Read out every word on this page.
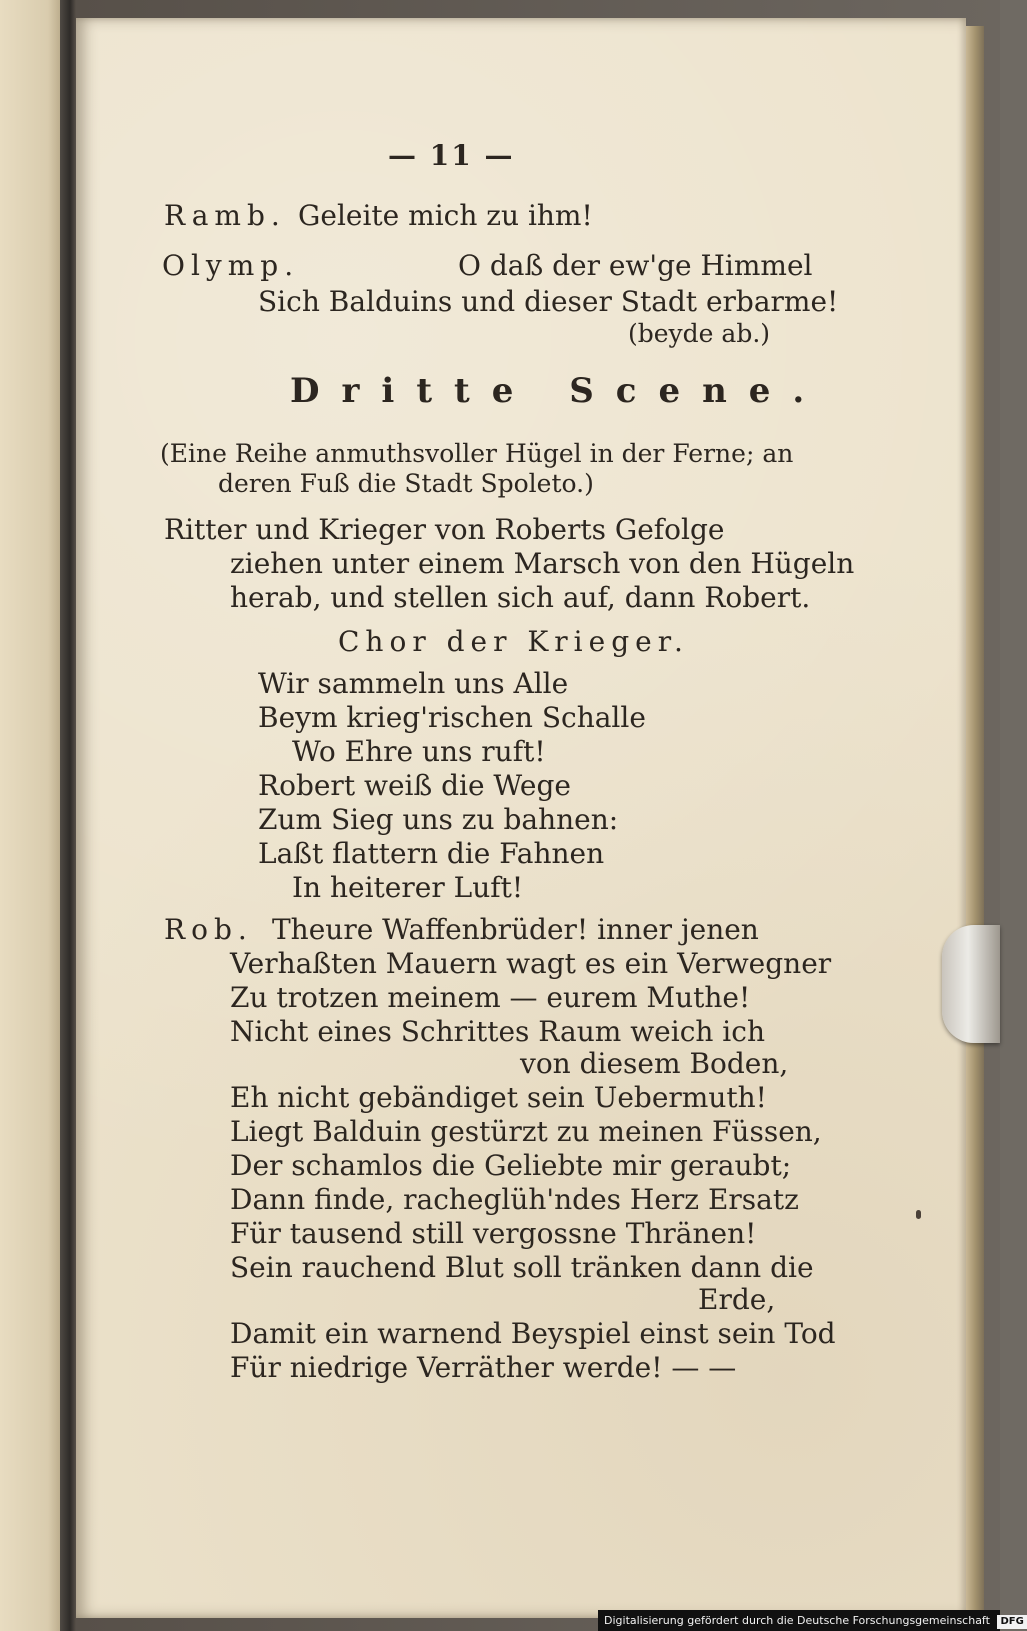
— 11 —
Ramb. Geleite mich zu ihm!
Olymp.	O daß der ew'ge Himmel
Sich Balduins und dieser Stadt erbarme!
(beyde ab.)
Dritte Scene.
(Eine Reihe anmuthsvoller Hügel in der Ferne; an
deren Fuß die Stadt Spoleto.)
Ritter und Krieger von Roberts Gefolge
ziehen unter einem Marsch von den Hügeln
herab, und stellen sich auf, dann Robert.
Chor der Krieger.
Wir sammeln uns Alle
Beym krieg'rischen Schalle
Wo Ehre uns ruft!
Robert weiß die Wege
Zum Sieg uns zu bahnen:
Laßt flattern die Fahnen
In heiterer Luft!
Rob. Theure Waffenbrüder! inner jenen
Verhaßten Mauern wagt es ein Verwegner
Zu trotzen meinem — eurem Muthe!
Nicht eines Schrittes Raum weich ich
von diesem Boden,
Eh nicht gebändiget sein Uebermuth!
Liegt Balduin gestürzt zu meinen Füssen,
Der schamlos die Geliebte mir geraubt;
Dann finde, racheglüh'ndes Herz Ersatz
Für tausend still vergossne Thränen!
Sein rauchend Blut soll tränken dann die
Erde,
Damit ein warnend Beyspiel einst sein Tod
Für niedrige Verräther werde! — —
Digitalisierung gefördert durch die Deutsche Forschungsgemeinschaft DFG
